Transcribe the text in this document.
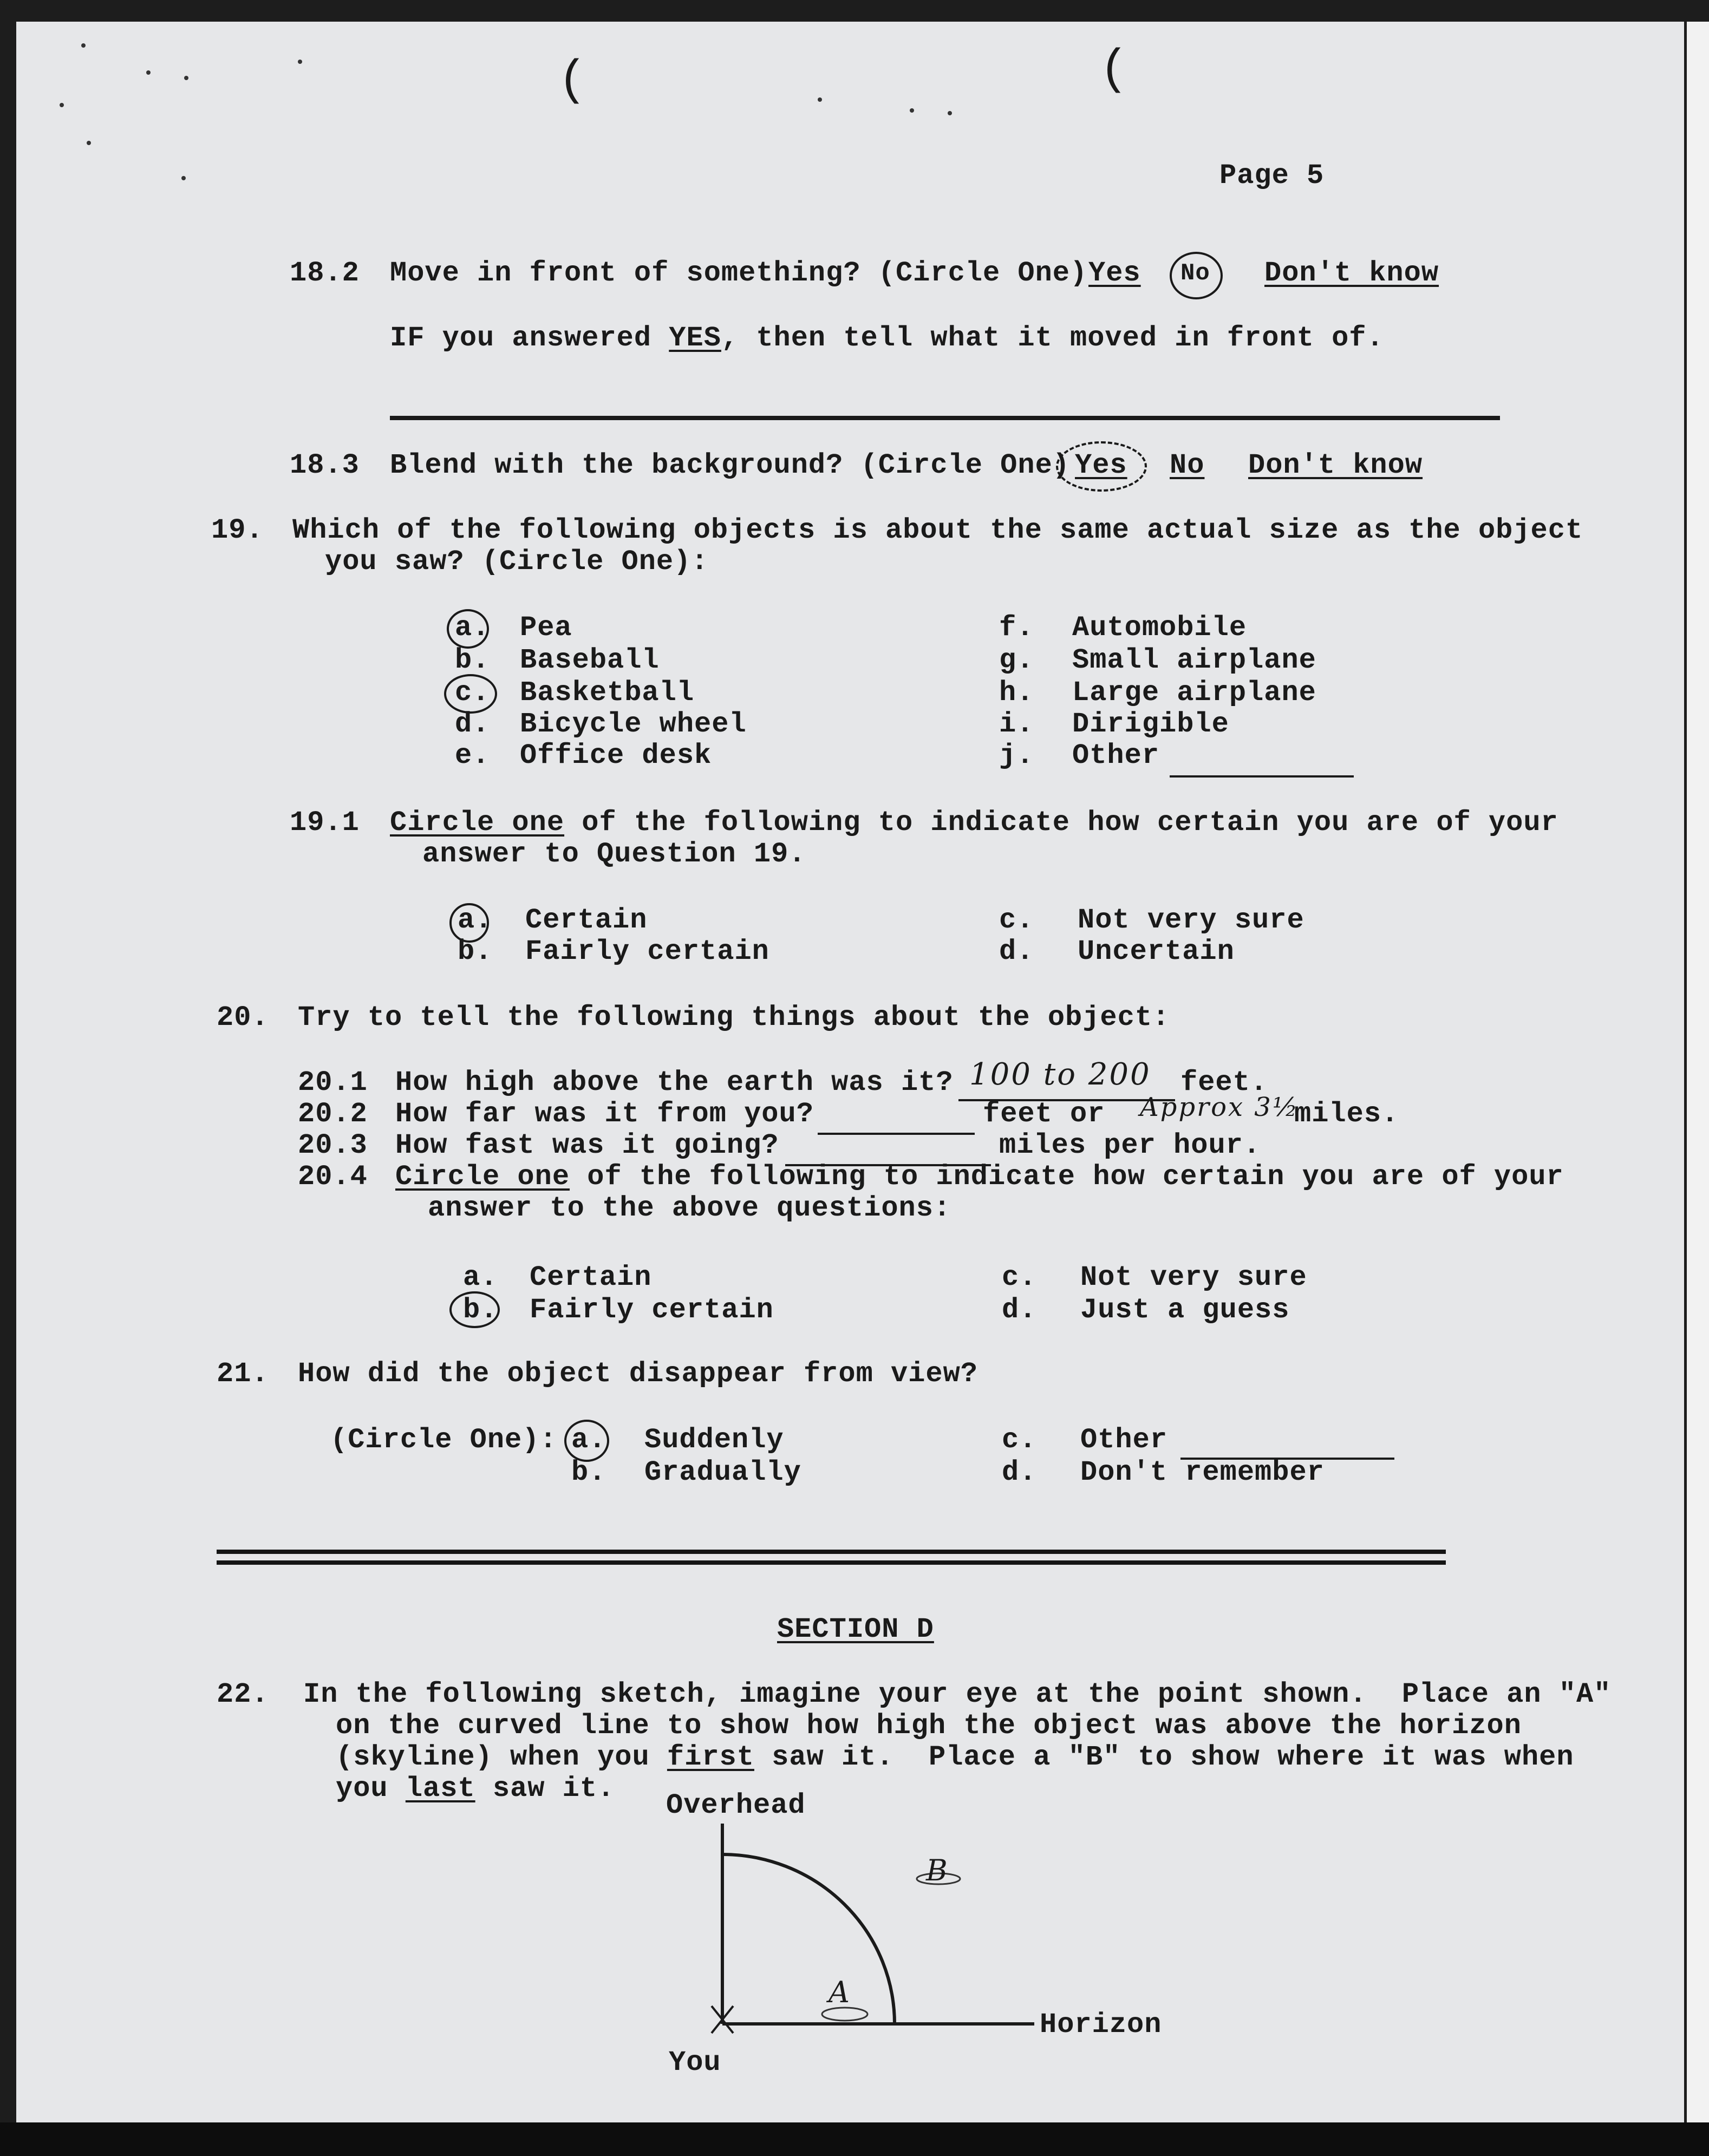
(	(
Page 5
18.2 Move in front of something? (Circle One) Yes No Don't know
IF you answered YES, then tell what it moved in front of.
18.3 Blend with the background? (Circle One) Yes No Don't know
19. Which of the following objects is about the same actual size as the object
you saw? (Circle One):
a. Pea
b. Baseball
c. Basketball
d. Bicycle wheel
e. Office desk
f. Automobile
g. Small airplane
h. Large airplane
i. Dirigible
j. Other
19.1 Circle one of the following to indicate how certain you are of your
answer to Question 19.
a. Certain
b. Fairly certain
c. Not very sure
d. Uncertain
20. Try to tell the following things about the object:
20.1 How high above the earth was it? 100 to 200 feet.
20.2 How far was it from you?	feet or Approx 3½
miles.
20.3 How fast was it going?	miles per hour.
20.4 Circle one of the following to indicate how certain you are of your
answer to the above questions:
a. Certain
b. Fairly certain
c. Not very sure
d. Just a guess
21. How did the object disappear from view?
(Circle One): a. Suddenly
b. Gradually
c. Other
d. Don't remember
SECTION D
22. In the following sketch, imagine your eye at the point shown.  Place an "A"
on the curved line to show how high the object was above the horizon
(skyline) when you first saw it.  Place a "B" to show where it was when
you last saw it.
Overhead
B
A
Horizon
You
